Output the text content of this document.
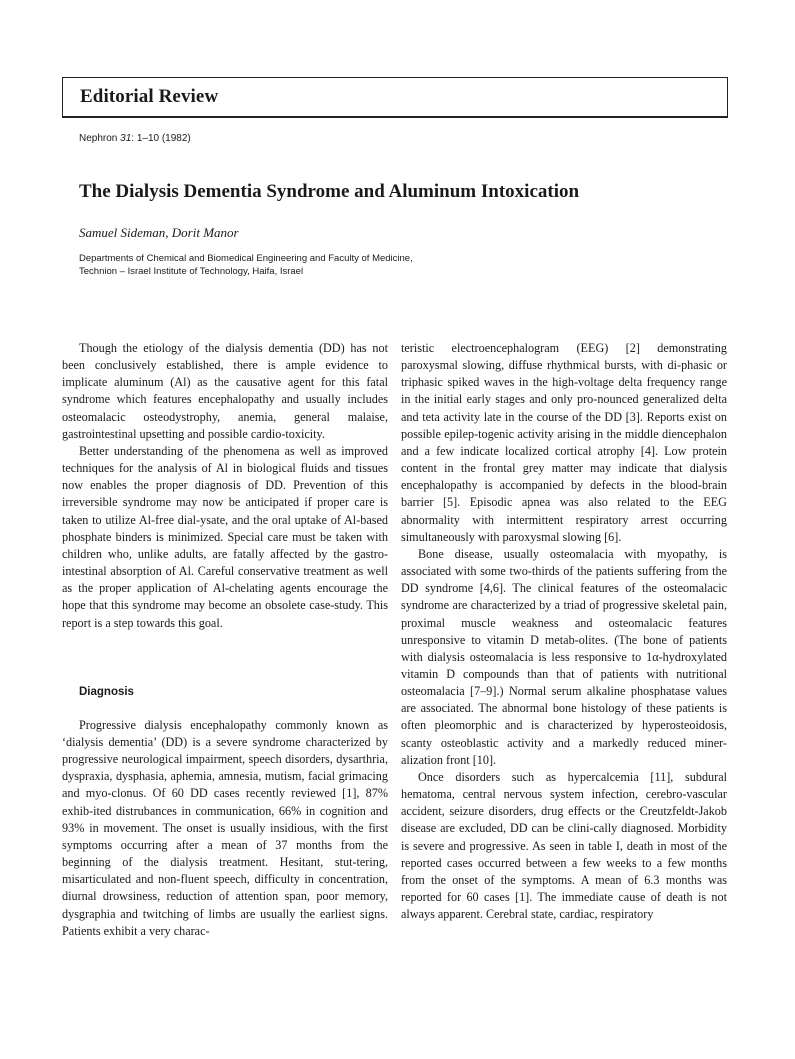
Editorial Review
Nephron 31: 1–10 (1982)
The Dialysis Dementia Syndrome and Aluminum Intoxication
Samuel Sideman, Dorit Manor
Departments of Chemical and Biomedical Engineering and Faculty of Medicine,
Technion – Israel Institute of Technology, Haifa, Israel

Though the etiology of the dialysis dementia (DD) has not been conclusively established, there is ample evidence to implicate aluminum (Al) as the causative agent for this fatal syndrome which features encephalopathy and usually includes osteomalacic osteodystrophy, anemia, general malaise, gastrointestinal upsetting and possible cardio-toxicity.

Better understanding of the phenomena as well as improved techniques for the analysis of Al in biological fluids and tissues now enables the proper diagnosis of DD. Prevention of this irreversible syndrome may now be anticipated if proper care is taken to utilize Al-free dial-ysate, and the oral uptake of Al-based phosphate binders is minimized. Special care must be taken with children who, unlike adults, are fatally affected by the gastro-intestinal absorption of Al. Careful conservative treatment as well as the proper application of Al-chelating agents encourage the hope that this syndrome may become an obsolete case-study. This report is a step towards this goal.

Diagnosis

Progressive dialysis encephalopathy commonly known as ‘dialysis dementia’ (DD) is a severe syndrome characterized by progressive neurological impairment, speech disorders, dysarthria, dyspraxia, dysphasia, aphemia, amnesia, mutism, facial grimacing and myo-clonus. Of 60 DD cases recently reviewed [1], 87% exhib-ited distrubances in communication, 66% in cognition and 93% in movement. The onset is usually insidious, with the first symptoms occurring after a mean of 37 months from the beginning of the dialysis treatment. Hesitant, stut-tering, misarticulated and non-fluent speech, difficulty in concentration, diurnal drowsiness, reduction of attention span, poor memory, dysgraphia and twitching of limbs are usually the earliest signs. Patients exhibit a very charac-

teristic electroencephalogram (EEG) [2] demonstrating paroxysmal slowing, diffuse rhythmical bursts, with di-phasic or triphasic spiked waves in the high-voltage delta frequency range in the initial early stages and only pro-nounced generalized delta and teta activity late in the course of the DD [3]. Reports exist on possible epilep-togenic activity arising in the middle diencephalon and a few indicate localized cortical atrophy [4]. Low protein content in the frontal grey matter may indicate that dialysis encephalopathy is accompanied by defects in the blood-brain barrier [5]. Episodic apnea was also related to the EEG abnormality with intermittent respiratory arrest occurring simultaneously with paroxysmal slowing [6].

Bone disease, usually osteomalacia with myopathy, is associated with some two-thirds of the patients suffering from the DD syndrome [4,6]. The clinical features of the osteomalacic syndrome are characterized by a triad of progressive skeletal pain, proximal muscle weakness and osteomalacic features unresponsive to vitamin D metab-olites. (The bone of patients with dialysis osteomalacia is less responsive to 1α-hydroxylated vitamin D compounds than that of patients with nutritional osteomalacia [7–9].) Normal serum alkaline phosphatase values are associated. The abnormal bone histology of these patients is often pleomorphic and is characterized by hyperosteoidosis, scanty osteoblastic activity and a markedly reduced miner-alization front [10].

Once disorders such as hypercalcemia [11], subdural hematoma, central nervous system infection, cerebro-vascular accident, seizure disorders, drug effects or the Creutzfeldt-Jakob disease are excluded, DD can be clini-cally diagnosed. Morbidity is severe and progressive. As seen in table I, death in most of the reported cases occurred between a few weeks to a few months from the onset of the symptoms. A mean of 6.3 months was reported for 60 cases [1]. The immediate cause of death is not always apparent. Cerebral state, cardiac, respiratory
